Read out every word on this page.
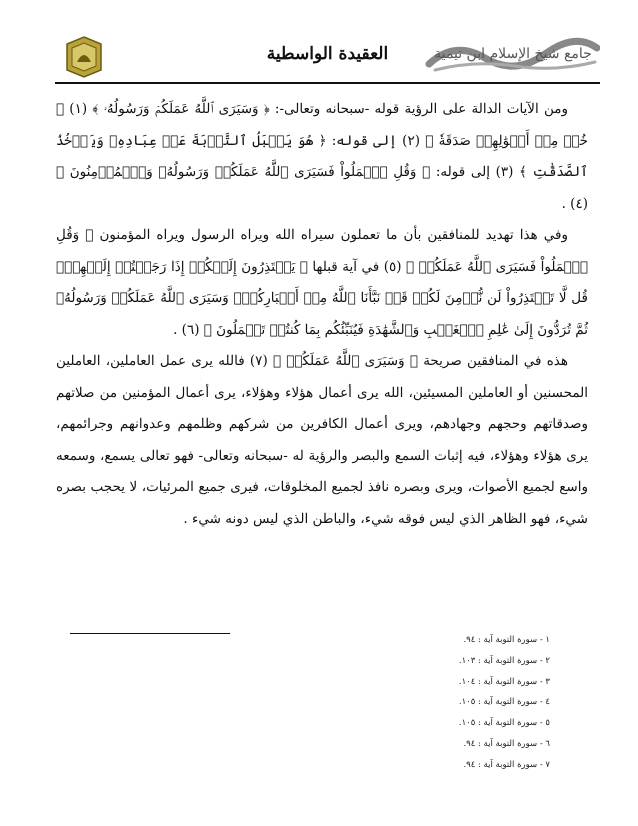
العقيدة الواسطية	جامع شيخ الإسلام ابن تيمية

ومن الآيات الدالة على الرؤية قوله -سبحانه وتعالى-: ﴿ وَسَيَرَى ٱللَّهُ عَمَلَكُمۡ وَرَسُولُهُۥ ﴾ (١) ﴿ خُذۡ مِنۡ أَمۡوَٰلِهِمۡ صَدَقَةٗ ﴾ (٢) إلى قوله: ﴿ هُوَ يَقۡبَلُ ٱلتَّوۡبَةَ عَنۡ عِبَادِهِۦ وَيَأۡخُذُ ٱلصَّدَقَٰتِ ﴾ (٣) إلى قوله: ﴿ وَقُلِ ٱعۡمَلُواْ فَسَيَرَى ٱللَّهُ عَمَلَكُمۡ وَرَسُولُهُۥ وَٱلۡمُؤۡمِنُونَ ﴾ (٤) .

وفي هذا تهديد للمنافقين بأن ما تعملون سيراه الله ويراه الرسول ويراه المؤمنون ﴿ وَقُلِ ٱعۡمَلُواْ فَسَيَرَى ٱللَّهُ عَمَلَكُمۡ ﴾ (٥) في آية قبلها ﴿ يَعۡتَذِرُونَ إِلَيۡكُمۡ إِذَا رَجَعۡتُمۡ إِلَيۡهِمۡۚ قُل لَّا تَعۡتَذِرُواْ لَن نُّؤۡمِنَ لَكُمۡ قَدۡ نَبَّأَنَا ٱللَّهُ مِنۡ أَخۡبَارِكُمۡۚ وَسَيَرَى ٱللَّهُ عَمَلَكُمۡ وَرَسُولُهُۥ ثُمَّ تُرَدُّونَ إِلَىٰ عَٰلِمِ ٱلۡغَيۡبِ وَٱلشَّهَٰدَةِ فَيُنَبِّئُكُم بِمَا كُنتُمۡ تَعۡمَلُونَ ﴾ (٦) .

هذه في المنافقين صريحة ﴿ وَسَيَرَى ٱللَّهُ عَمَلَكُمۡ ﴾ (٧) فالله يرى عمل العاملين، العاملين المحسنين أو العاملين المسيئين، الله يرى أعمال هؤلاء وهؤلاء، يرى أعمال المؤمنين من صلاتهم وصدقاتهم وحجهم وجهادهم، ويرى أعمال الكافرين من شركهم وظلمهم وعدوانهم وجرائمهم، يرى هؤلاء وهؤلاء، فيه إثبات السمع والبصر والرؤية له -سبحانه وتعالى- فهو تعالى يسمع، وسمعه واسع لجميع الأصوات، ويرى وبصره نافذ لجميع المخلوقات، فيرى جميع المرئيات، لا يحجب بصره شيء، فهو الظاهر الذي ليس فوقه شيء، والباطن الذي ليس دونه شيء .

١ - سورة التوبة آية : ٩٤.
٢ - سورة التوبة آية : ١٠٣.
٣ - سورة التوبة آية : ١٠٤.
٤ - سورة التوبة آية : ١٠٥.
٥ - سورة التوبة آية : ١٠٥.
٦ - سورة التوبة آية : ٩٤.
٧ - سورة التوبة آية : ٩٤.
